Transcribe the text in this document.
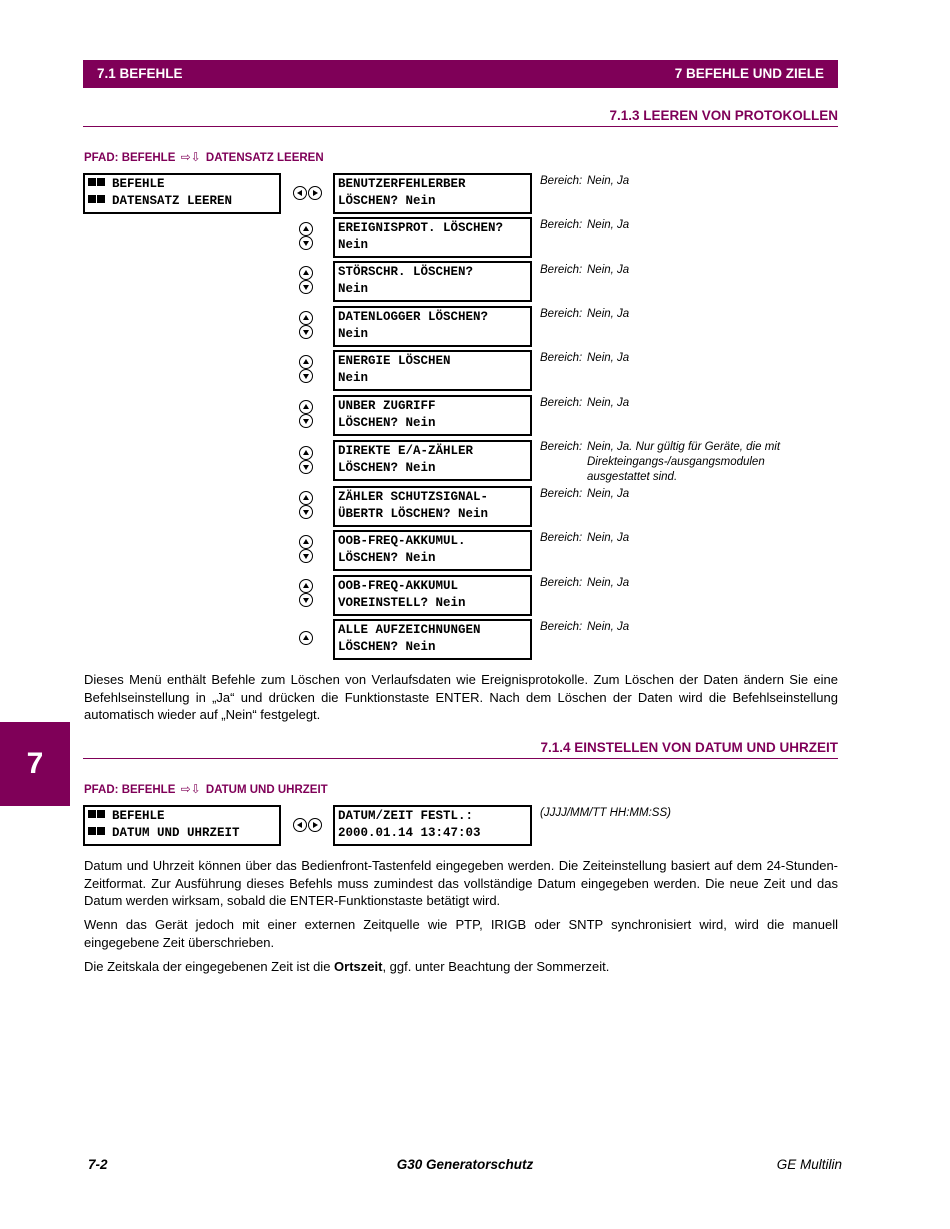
7.1 BEFEHLE	7 BEFEHLE UND ZIELE
7.1.3 LEEREN VON PROTOKOLLEN
PFAD: BEFEHLE ⇨⇩ DATENSATZ LEEREN
BEFEHLE
DATENSATZ LEEREN
BENUTZERFEHLERBER
LÖSCHEN? Nein
Bereich: Nein, Ja
EREIGNISPROT. LÖSCHEN?
Nein
Bereich: Nein, Ja
STÖRSCHR. LÖSCHEN?
Nein
Bereich: Nein, Ja
DATENLOGGER LÖSCHEN?
Nein
Bereich: Nein, Ja
ENERGIE LÖSCHEN
Nein
Bereich: Nein, Ja
UNBER ZUGRIFF
LÖSCHEN? Nein
Bereich: Nein, Ja
DIREKTE E/A-ZÄHLER
LÖSCHEN? Nein
Bereich: Nein, Ja. Nur gültig für Geräte, die mit
Direkteingangs-/ausgangsmodulen
ausgestattet sind.
ZÄHLER SCHUTZSIGNAL-
ÜBERTR LÖSCHEN? Nein
Bereich: Nein, Ja
OOB-FREQ-AKKUMUL.
LÖSCHEN? Nein
Bereich: Nein, Ja
OOB-FREQ-AKKUMUL
VOREINSTELL? Nein
Bereich: Nein, Ja
ALLE AUFZEICHNUNGEN
LÖSCHEN? Nein
Bereich: Nein, Ja
Dieses Menü enthält Befehle zum Löschen von Verlaufsdaten wie Ereignisprotokolle. Zum Löschen der Daten ändern Sie eine Befehlseinstellung in „Ja“ und drücken die Funktionstaste ENTER. Nach dem Löschen der Daten wird die Befehlseinstellung automatisch wieder auf „Nein“ festgelegt.
7	7.1.4 EINSTELLEN VON DATUM UND UHRZEIT
PFAD: BEFEHLE ⇨⇩ DATUM UND UHRZEIT
BEFEHLE
DATUM UND UHRZEIT
DATUM/ZEIT FESTL.:
2000.01.14 13:47:03
(JJJJ/MM/TT HH:MM:SS)
Datum und Uhrzeit können über das Bedienfront-Tastenfeld eingegeben werden. Die Zeiteinstellung basiert auf dem 24-Stunden-Zeitformat. Zur Ausführung dieses Befehls muss zumindest das vollständige Datum eingegeben werden. Die neue Zeit und das Datum werden wirksam, sobald die ENTER-Funktionstaste betätigt wird.
Wenn das Gerät jedoch mit einer externen Zeitquelle wie PTP, IRIGB oder SNTP synchronisiert wird, wird die manuell eingegebene Zeit überschrieben.
Die Zeitskala der eingegebenen Zeit ist die Ortszeit, ggf. unter Beachtung der Sommerzeit.
7-2	G30 Generatorschutz	GE Multilin
